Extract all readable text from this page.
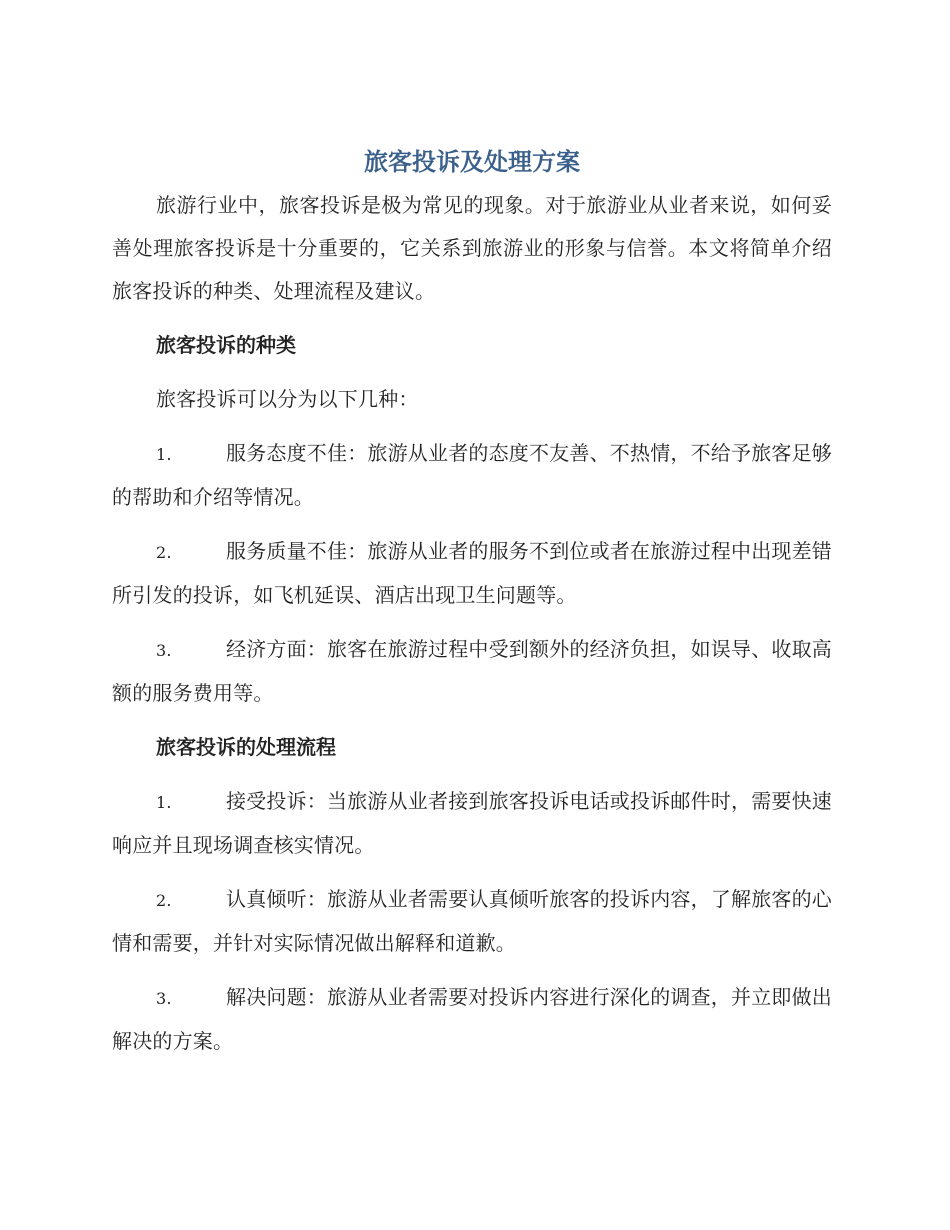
旅客投诉及处理方案

旅游行业中，旅客投诉是极为常见的现象。对于旅游业从业者来说，如何妥善处理旅客投诉是十分重要的，它关系到旅游业的形象与信誉。本文将简单介绍旅客投诉的种类、处理流程及建议。

旅客投诉的种类

旅客投诉可以分为以下几种：

1.	服务态度不佳：旅游从业者的态度不友善、不热情，不给予旅客足够的帮助和介绍等情况。

2.	服务质量不佳：旅游从业者的服务不到位或者在旅游过程中出现差错所引发的投诉，如飞机延误、酒店出现卫生问题等。

3.	经济方面：旅客在旅游过程中受到额外的经济负担，如误导、收取高额的服务费用等。

旅客投诉的处理流程

1.	接受投诉：当旅游从业者接到旅客投诉电话或投诉邮件时，需要快速响应并且现场调查核实情况。

2.	认真倾听：旅游从业者需要认真倾听旅客的投诉内容，了解旅客的心情和需要，并针对实际情况做出解释和道歉。

3.	解决问题：旅游从业者需要对投诉内容进行深化的调查，并立即做出解决的方案。
